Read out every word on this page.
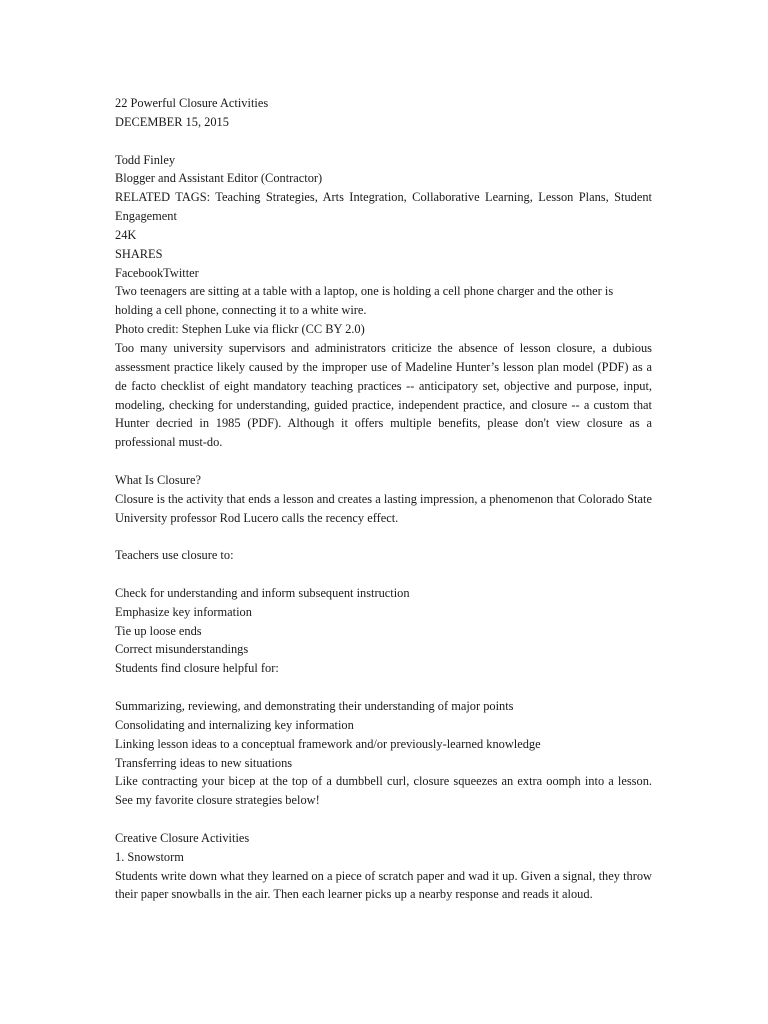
22 Powerful Closure Activities
DECEMBER 15, 2015
Todd Finley
Blogger and Assistant Editor (Contractor)

RELATED TAGS: Teaching Strategies, Arts Integration, Collaborative Learning, Lesson Plans, Student Engagement

24K
SHARES
FacebookTwitter

Two teenagers are sitting at a table with a laptop, one is holding a cell phone charger and the other is holding a cell phone, connecting it to a white wire.

Photo credit: Stephen Luke via flickr (CC BY 2.0)

Too many university supervisors and administrators criticize the absence of lesson closure, a dubious assessment practice likely caused by the improper use of Madeline Hunter’s lesson plan model (PDF) as a de facto checklist of eight mandatory teaching practices -- anticipatory set, objective and purpose, input, modeling, checking for understanding, guided practice, independent practice, and closure -- a custom that Hunter decried in 1985 (PDF). Although it offers multiple benefits, please don't view closure as a professional must-do.

What Is Closure?

Closure is the activity that ends a lesson and creates a lasting impression, a phenomenon that Colorado State University professor Rod Lucero calls the recency effect.

Teachers use closure to:
Check for understanding and inform subsequent instruction
Emphasize key information
Tie up loose ends
Correct misunderstandings
Students find closure helpful for:
Summarizing, reviewing, and demonstrating their understanding of major points
Consolidating and internalizing key information
Linking lesson ideas to a conceptual framework and/or previously-learned knowledge
Transferring ideas to new situations

Like contracting your bicep at the top of a dumbbell curl, closure squeezes an extra oomph into a lesson. See my favorite closure strategies below!

Creative Closure Activities
1. Snowstorm

Students write down what they learned on a piece of scratch paper and wad it up. Given a signal, they throw their paper snowballs in the air. Then each learner picks up a nearby response and reads it aloud.
